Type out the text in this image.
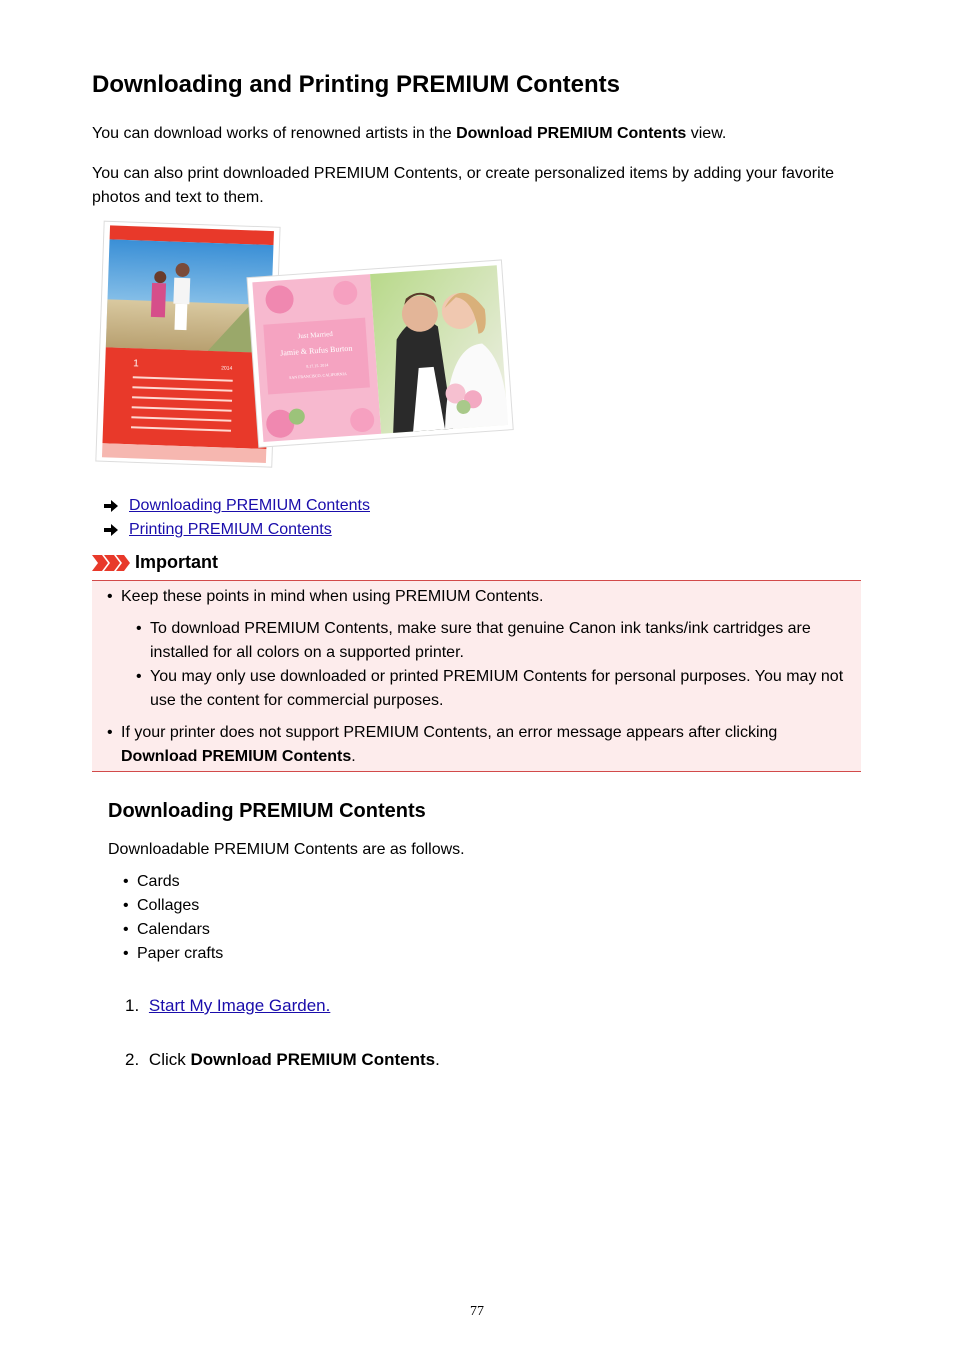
Downloading and Printing PREMIUM Contents

You can download works of renowned artists in the Download PREMIUM Contents view.

You can also print downloaded PREMIUM Contents, or create personalized items by adding your favorite photos and text to them.

1	2014
Just Married
Jamie & Rufus Burton
8.17.15. 2014
SAN FRANCISCO, CALIFORNIA
Downloading PREMIUM Contents
Printing PREMIUM Contents
Important
• Keep these points in mind when using PREMIUM Contents.
• To download PREMIUM Contents, make sure that genuine Canon ink tanks/ink cartridges are installed for all colors on a supported printer.
• You may only use downloaded or printed PREMIUM Contents for personal purposes. You may not use the content for commercial purposes.
• If your printer does not support PREMIUM Contents, an error message appears after clicking
Download PREMIUM Contents.
Downloading PREMIUM Contents

Downloadable PREMIUM Contents are as follows.

• Cards
• Collages
• Calendars
• Paper crafts
1. Start My Image Garden.
2. Click Download PREMIUM Contents.
77
